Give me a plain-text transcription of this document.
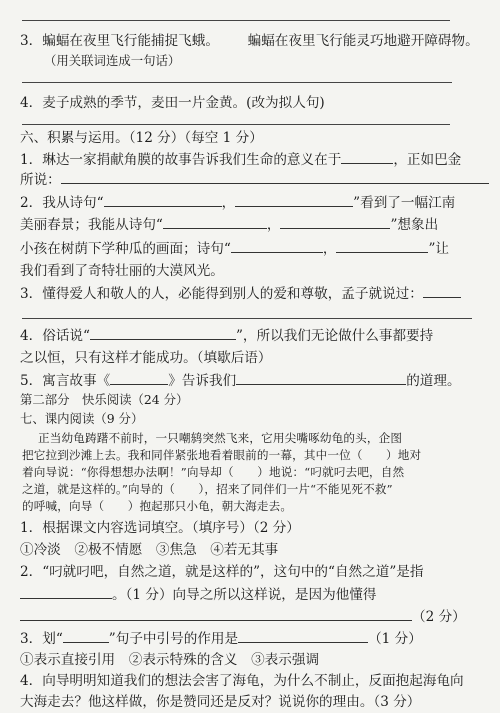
3．蝙蝠在夜里飞行能捕捉飞蛾。 蝙蝠在夜里飞行能灵巧地避开障碍物。
（用关联词连成一句话）
4．麦子成熟的季节，麦田一片金黄。(改为拟人句)
六、积累与运用。（12 分）（每空 1 分）
1．琳达一家捐献角膜的故事告诉我们生命的意义在于	，正如巴金
所说：
2．我从诗句“	，	”看到了一幅江南
美丽春景；我能从诗句“	，	”想象出
小孩在树荫下学种瓜的画面；诗句“	，	”让
我们看到了奇特壮丽的大漠风光。
3．懂得爱人和敬人的人，必能得到别人的爱和尊敬，孟子就说过：
4．俗话说“	”，所以我们无论做什么事都要持
之以恒，只有这样才能成功。（填歇后语）
5．寓言故事《	》告诉我们	的道理。
第二部分　快乐阅读（24 分）
七、课内阅读（9 分）
正当幼龟踌躇不前时，一只嘲鸫突然飞来，它用尖嘴啄幼龟的头，企图
把它拉到沙滩上去。我和同伴紧张地看着眼前的一幕，其中一位（　　）地对
着向导说：“你得想想办法啊！”向导却（　　）地说：“叼就叼去吧，自然
之道，就是这样的。”向导的（　　），招来了同伴们一片“不能见死不救”
的呼喊，向导（　　）抱起那只小龟，朝大海走去。
1．根据课文内容选词填空。（填序号）（2 分）
①冷淡　②极不情愿　③焦急　④若无其事
2．“叼就叼吧，自然之道，就是这样的”，这句中的“自然之道”是指
。（1 分）向导之所以这样说，是因为他懂得
（2 分）
3．划“	”句子中引号的作用是	（1 分）
①表示直接引用　②表示特殊的含义　③表示强调
4．向导明明知道我们的想法会害了海龟，为什么不制止，反面抱起海龟向
大海走去？他这样做，你是赞同还是反对？说说你的理由。（3 分）
